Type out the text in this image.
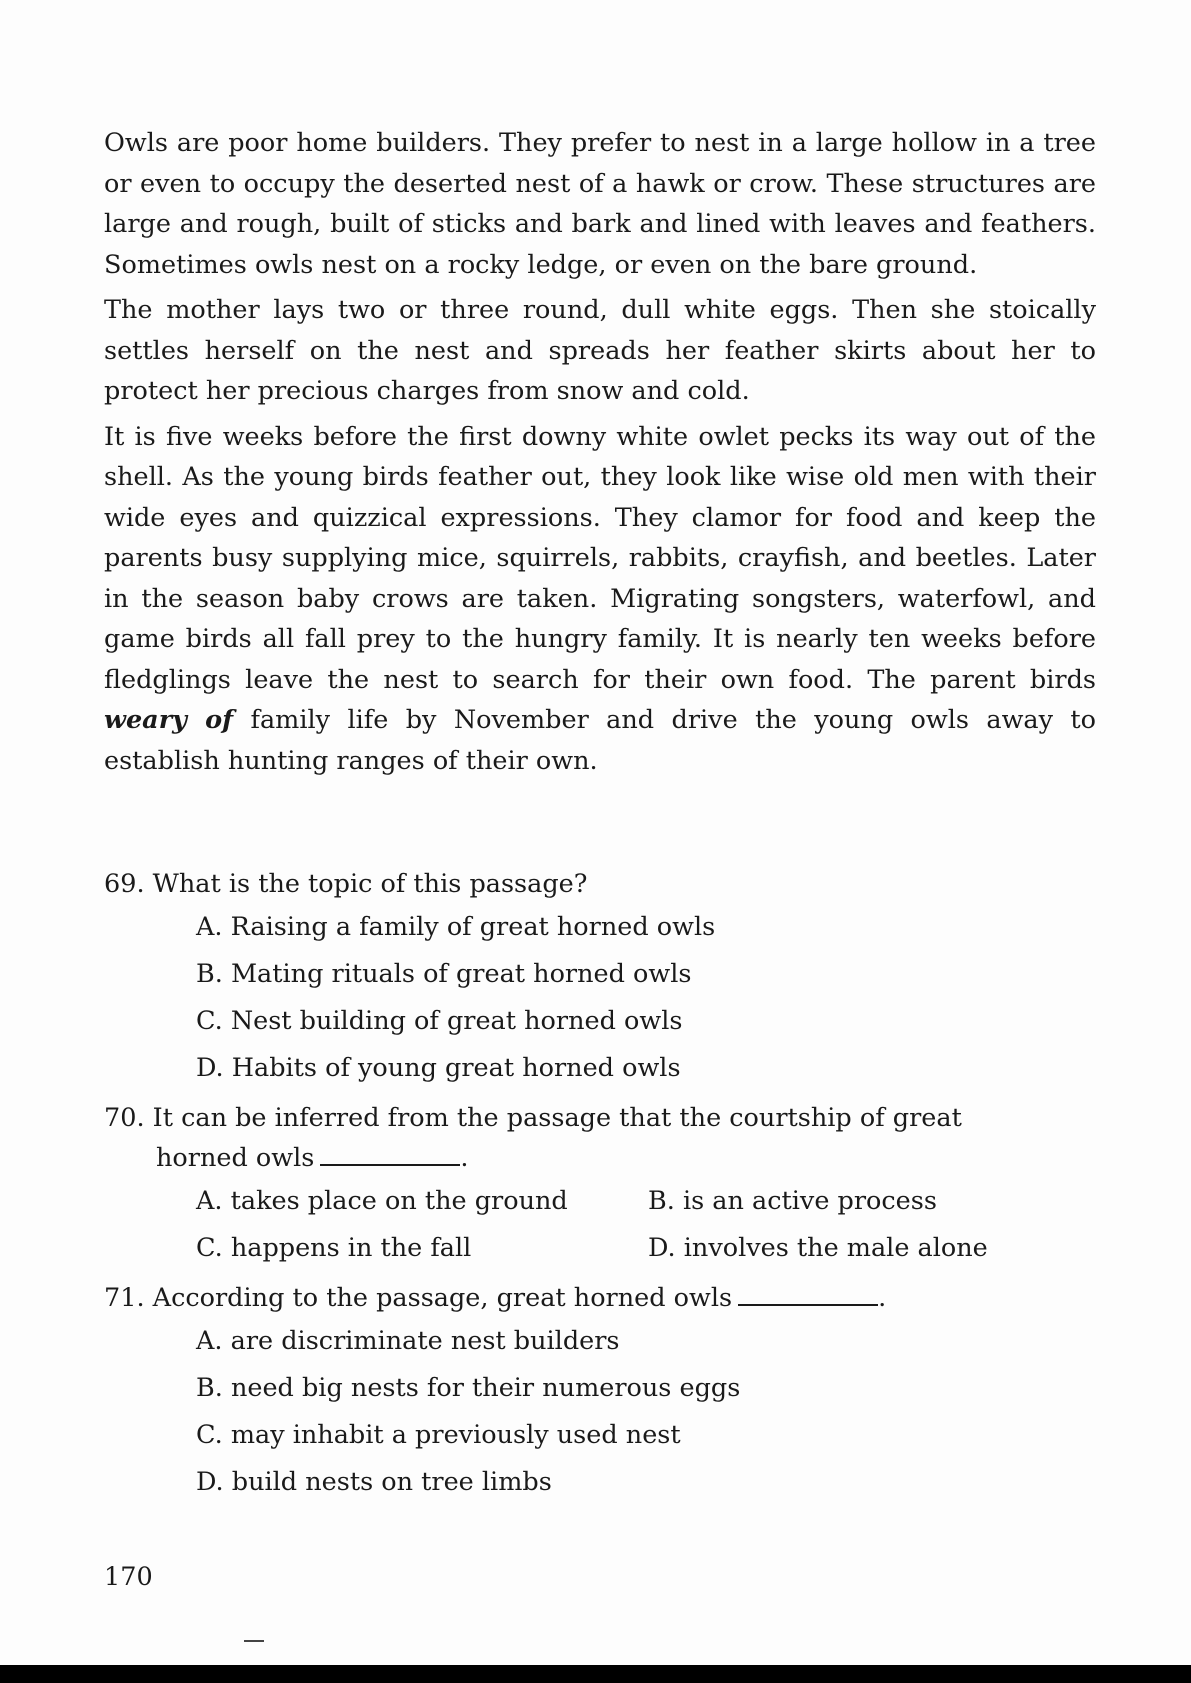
Owls are poor home builders. They prefer to nest in a large hollow in a tree or even to occupy the deserted nest of a hawk or crow. These structures are large and rough, built of sticks and bark and lined with leaves and feathers. Sometimes owls nest on a rocky ledge, or even on the bare ground.

The mother lays two or three round, dull white eggs. Then she stoically settles herself on the nest and spreads her feather skirts about her to protect her precious charges from snow and cold.

It is five weeks before the first downy white owlet pecks its way out of the shell. As the young birds feather out, they look like wise old men with their wide eyes and quizzical expressions. They clamor for food and keep the parents busy supplying mice, squirrels, rabbits, crayfish, and beetles. Later in the season baby crows are taken. Migrating songsters, waterfowl, and game birds all fall prey to the hungry family. It is nearly ten weeks before fledglings leave the nest to search for their own food. The parent birds weary of family life by November and drive the young owls away to establish hunting ranges of their own.

69. What is the topic of this passage?
A. Raising a family of great horned owls
B. Mating rituals of great horned owls
C. Nest building of great horned owls
D. Habits of young great horned owls
70. It can be inferred from the passage that the courtship of great
horned owls	.
A. takes place on the ground	B. is an active process
C. happens in the fall	D. involves the male alone
71. According to the passage, great horned owls	.
A. are discriminate nest builders
B. need big nests for their numerous eggs
C. may inhabit a previously used nest
D. build nests on tree limbs
170
